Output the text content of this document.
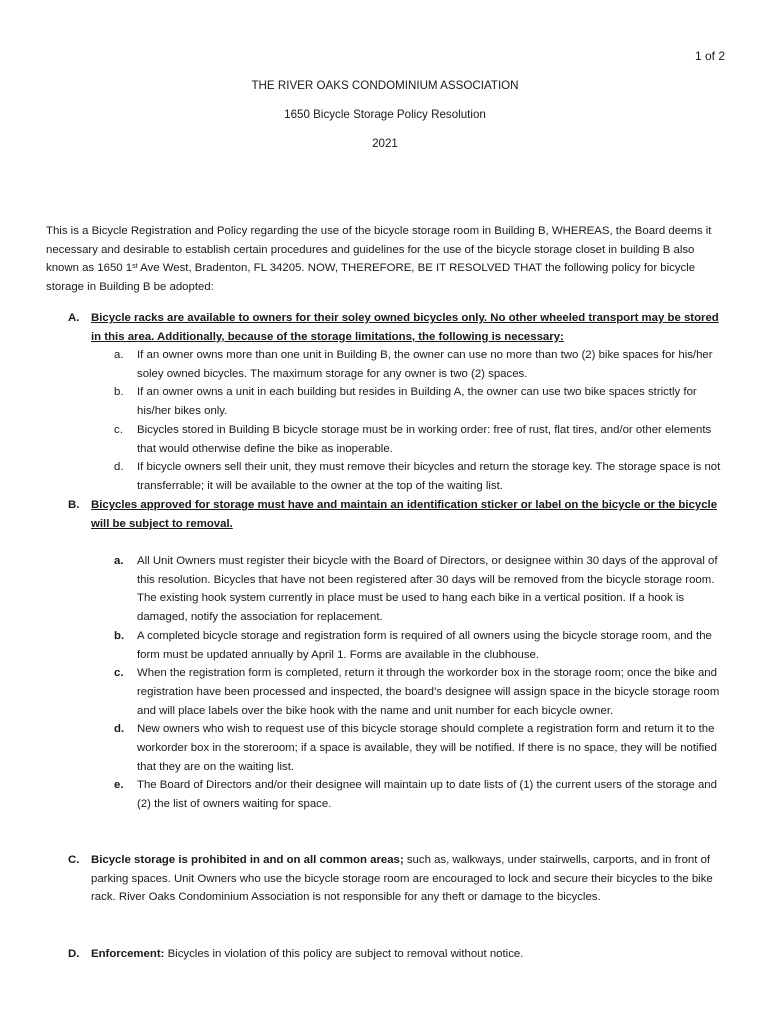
1 of 2
THE RIVER OAKS CONDOMINIUM ASSOCIATION
1650 Bicycle Storage Policy Resolution
2021
This is a Bicycle Registration and Policy regarding the use of the bicycle storage room in Building B, WHEREAS, the Board deems it necessary and desirable to establish certain procedures and guidelines for the use of the bicycle storage closet in building B also known as 1650 1st Ave West, Bradenton, FL 34205. NOW, THEREFORE, BE IT RESOLVED THAT the following policy for bicycle storage in Building B be adopted:
A. Bicycle racks are available to owners for their soley owned bicycles only. No other wheeled transport may be stored in this area. Additionally, because of the storage limitations, the following is necessary:
a. If an owner owns more than one unit in Building B, the owner can use no more than two (2) bike spaces for his/her soley owned bicycles. The maximum storage for any owner is two (2) spaces.
b. If an owner owns a unit in each building but resides in Building A, the owner can use two bike spaces strictly for his/her bikes only.
c. Bicycles stored in Building B bicycle storage must be in working order: free of rust, flat tires, and/or other elements that would otherwise define the bike as inoperable.
d. If bicycle owners sell their unit, they must remove their bicycles and return the storage key. The storage space is not transferrable; it will be available to the owner at the top of the waiting list.
B. Bicycles approved for storage must have and maintain an identification sticker or label on the bicycle or the bicycle will be subject to removal.
a. All Unit Owners must register their bicycle with the Board of Directors, or designee within 30 days of the approval of this resolution. Bicycles that have not been registered after 30 days will be removed from the bicycle storage room. The existing hook system currently in place must be used to hang each bike in a vertical position. If a hook is damaged, notify the association for replacement.
b. A completed bicycle storage and registration form is required of all owners using the bicycle storage room, and the form must be updated annually by April 1. Forms are available in the clubhouse.
c. When the registration form is completed, return it through the workorder box in the storage room; once the bike and registration have been processed and inspected, the board’s designee will assign space in the bicycle storage room and will place labels over the bike hook with the name and unit number for each bicycle owner.
d. New owners who wish to request use of this bicycle storage should complete a registration form and return it to the workorder box in the storeroom; if a space is available, they will be notified. If there is no space, they will be notified that they are on the waiting list.
e. The Board of Directors and/or their designee will maintain up to date lists of (1) the current users of the storage and (2) the list of owners waiting for space.
C. Bicycle storage is prohibited in and on all common areas; such as, walkways, under stairwells, carports, and in front of parking spaces. Unit Owners who use the bicycle storage room are encouraged to lock and secure their bicycles to the bike rack. River Oaks Condominium Association is not responsible for any theft or damage to the bicycles.
D. Enforcement: Bicycles in violation of this policy are subject to removal without notice.
